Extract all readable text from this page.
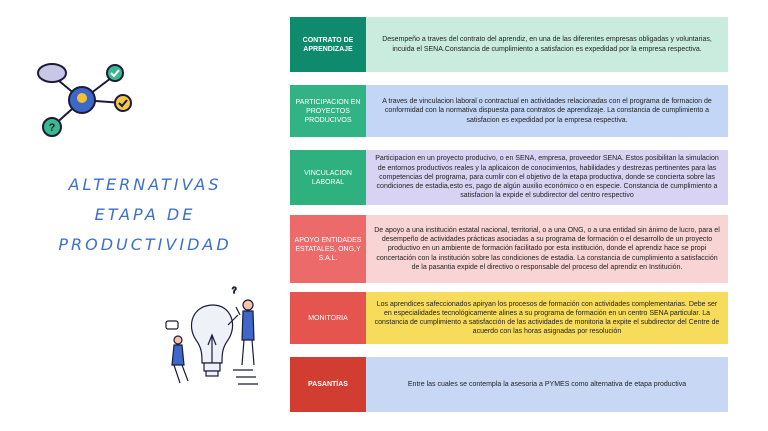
?
ALTERNATIVAS
ETAPA DE
PRODUCTIVIDAD
?
CONTRATO DE APRENDIZAJE
Desempeño a traves del contrato del aprendiz, en una de las diferentes empresas obligadas y voluntarias, incuida el SENA.Constancia de cumplimiento a satisfacion es expedidad por la empresa respectiva.
PARTICIPACION EN PROYECTOS PRODUCIVOS
A traves de vinculacion laboral o contractual en actividades relacionadas con el programa de formacion de conformidad con la normativa dispuesta para contratos de aprendizaje. La constancia de cumplimiento a satisfacion es expedidad por la empresa respectiva.
VINCULACION LABORAL
Participacion en un proyecto producivo, o en SENA, empresa, proveedor SENA. Estos posibilitan la simulacion de entornos productivos reales y la aplicaicon de conocimientos, habilidades y destrezas pertinentes para las competencias del programa, para cumlir con el objetivo de la etapa productiva, donde se concierta sobre las condiciones de estadia,esto es, pago de algún auxilio económico o en especie. Constancia de cumplimiento a satisfacion la expide el subdirector del centro respectivo
APOYO ENTIDADES ESTATALES, ONG,Y S.A.L.
De apoyo a una institución estatal nacional, territorial, o a una ONG, o a una entidad sin ánimo de lucro, para el desempeño de actividades prácticas asociadas a su programa de formación o el desarrollo de un proyecto productivo en un ambiente de formación facilitado por esta institución, donde el aprendiz hace se propi concertación con la institución sobre las condiciones de estadia. La constancia de cumplimiento a satisfacción de la pasantia expide el directivo o responsable del proceso del aprendiz en Institución.
MONITORIA
Los aprendices safeccionados apiryan los procesos de formación con actividades complementarias. Debe ser en especialidades tecnológicamente alines a su programa de formación en un centro SENA particular. La constancia de cumplimiento a satisfacción de las actividades de monitoria la expite el subdirector del Centre de acuerdo con las horas asignadas por resolución
PASANTÍAS	Entre las cuales se contempla la asesoria a PYMES como alternativa de etapa productiva
